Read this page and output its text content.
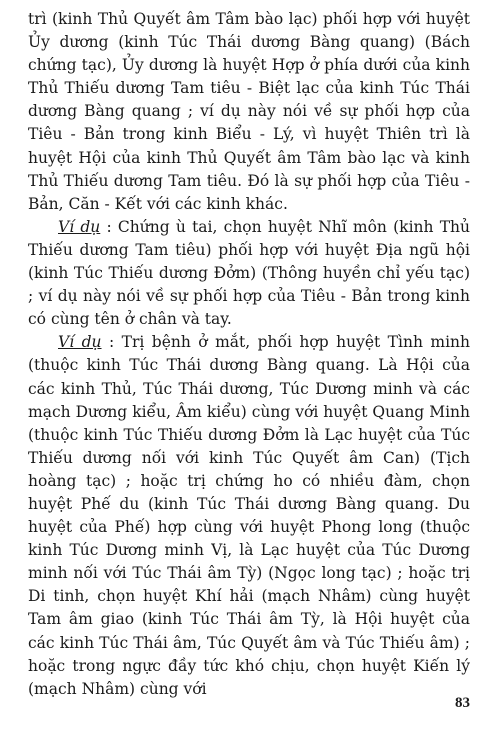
trì (kinh Thủ Quyết âm Tâm bào lạc) phối hợp với huyệt Ủy dương (kinh Túc Thái dương Bàng quang) (Bách chứng tạc), Ủy dương là huyệt Hợp ở phía dưới của kinh Thủ Thiếu dương Tam tiêu - Biệt lạc của kinh Túc Thái dương Bàng quang ; ví dụ này nói về sự phối hợp của Tiêu - Bản trong kinh Biểu - Lý, vì huyệt Thiên trì là huyệt Hội của kinh Thủ Quyết âm Tâm bào lạc và kinh Thủ Thiếu dương Tam tiêu. Đó là sự phối hợp của Tiêu - Bản, Căn - Kết với các kinh khác.

Ví dụ : Chứng ù tai, chọn huyệt Nhĩ môn (kinh Thủ Thiếu dương Tam tiêu) phối hợp với huyệt Địa ngũ hội (kinh Túc Thiếu dương Đởm) (Thông huyền chỉ yếu tạc) ; ví dụ này nói về sự phối hợp của Tiêu - Bản trong kinh có cùng tên ở chân và tay.

Ví dụ : Trị bệnh ở mắt, phối hợp huyệt Tình minh (thuộc kinh Túc Thái dương Bàng quang. Là Hội của các kinh Thủ, Túc Thái dương, Túc Dương minh và các mạch Dương kiểu, Âm kiểu) cùng với huyệt Quang Minh (thuộc kinh Túc Thiếu dương Đởm là Lạc huyệt của Túc Thiếu dương nối với kinh Túc Quyết âm Can) (Tịch hoàng tạc) ; hoặc trị chứng ho có nhiều đàm, chọn huyệt Phế du (kinh Túc Thái dương Bàng quang. Du huyệt của Phế) hợp cùng với huyệt Phong long (thuộc kinh Túc Dương minh Vị, là Lạc huyệt của Túc Dương minh nối với Túc Thái âm Tỳ) (Ngọc long tạc) ; hoặc trị Di tinh, chọn huyệt Khí hải (mạch Nhâm) cùng huyệt Tam âm giao (kinh Túc Thái âm Tỳ, là Hội huyệt của các kinh Túc Thái âm, Túc Quyết âm và Túc Thiếu âm) ; hoặc trong ngực đầy tức khó chịu, chọn huyệt Kiến lý (mạch Nhâm) cùng với

83
